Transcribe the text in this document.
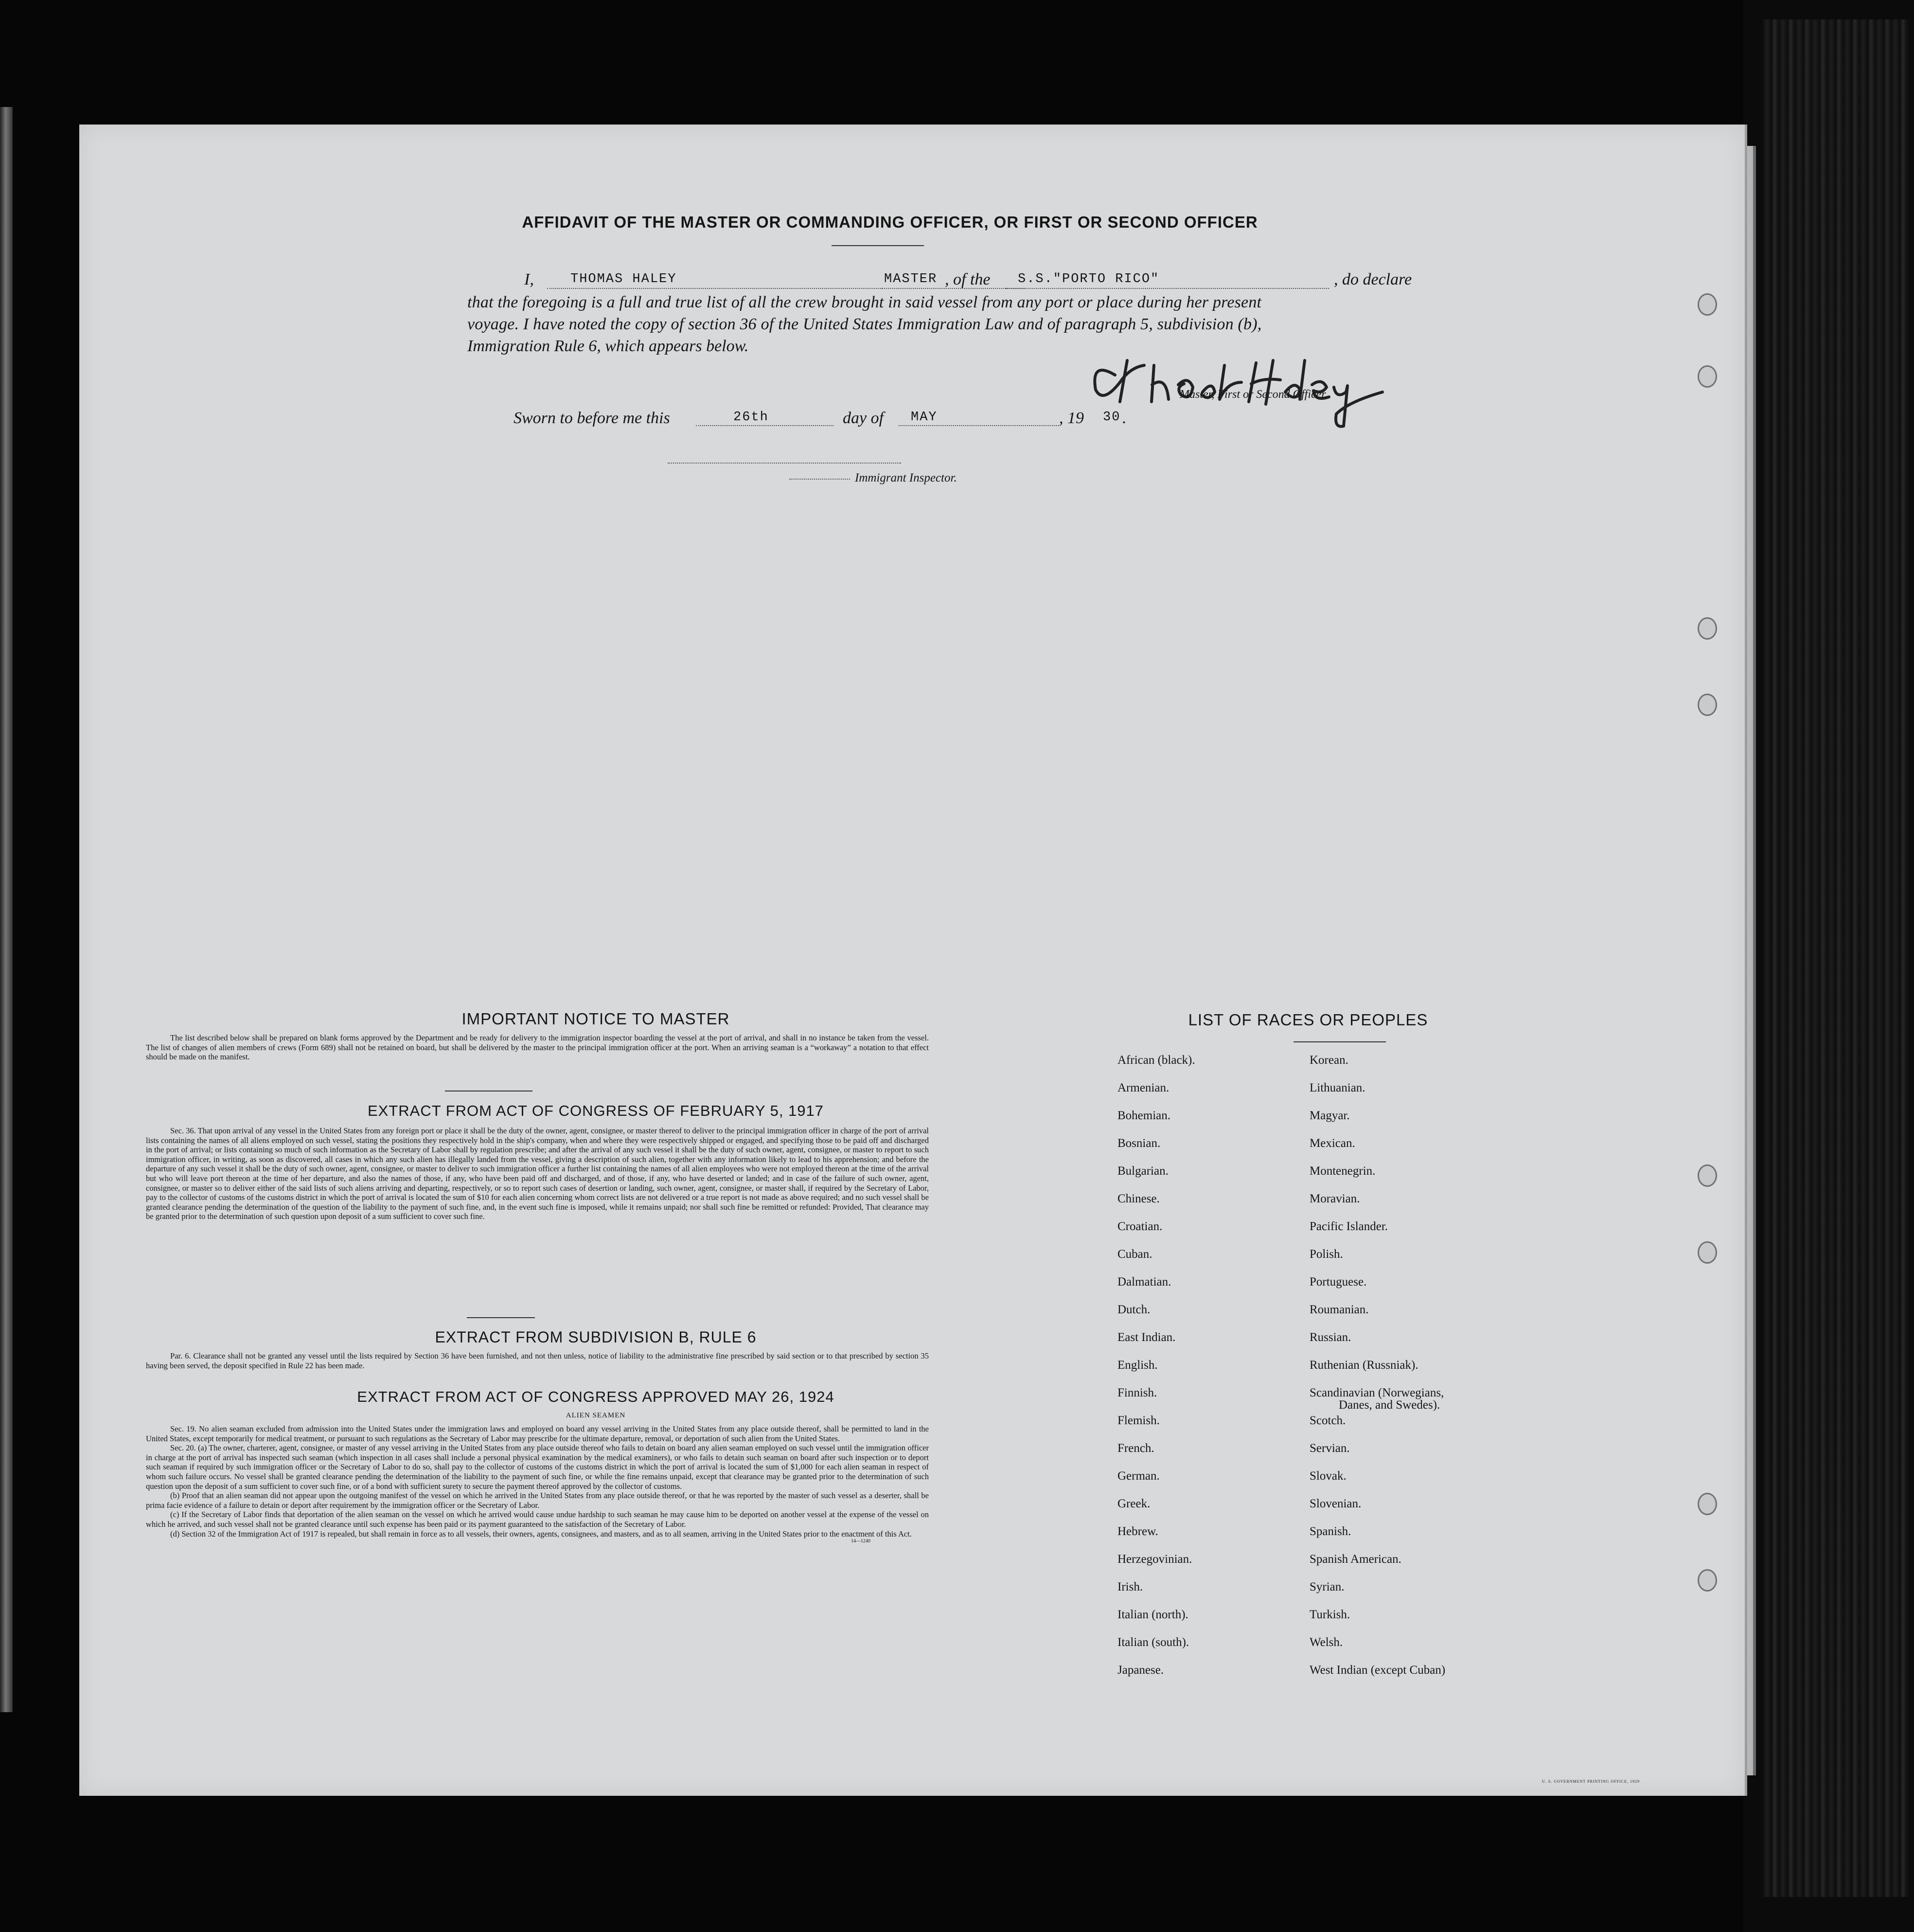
AFFIDAVIT OF THE MASTER OR COMMANDING OFFICER, OR FIRST OR SECOND OFFICER
I,	THOMAS HALEY	MASTER , of the S.S."PORTO RICO"	, do declare
that the foregoing is a full and true list of all the crew brought in said vessel from any port or place during her present
voyage. I have noted the copy of section 36 of the United States Immigration Law and of paragraph 5, subdivision (b),
Immigration Rule 6, which appears below.
Master, First or Second Officer.
Sworn to before me this	26th	day of MAY	, 19 30 .
Immigrant Inspector.
IMPORTANT NOTICE TO MASTER
The list described below shall be prepared on blank forms approved by the Department and be ready for delivery to the immigration inspector boarding the vessel at the port of arrival, and shall in no instance be taken from the vessel. The list of changes of alien members of crews (Form 689) shall not be retained on board, but shall be delivered by the master to the principal immigration officer at the port. When an arriving seaman is a “workaway” a notation to that effect should be made on the manifest.
EXTRACT FROM ACT OF CONGRESS OF FEBRUARY 5, 1917
Sec. 36. That upon arrival of any vessel in the United States from any foreign port or place it shall be the duty of the owner, agent, consignee, or master thereof to deliver to the principal immigration officer in charge of the port of arrival lists containing the names of all aliens employed on such vessel, stating the positions they respectively hold in the ship's company, when and where they were respectively shipped or engaged, and specifying those to be paid off and discharged in the port of arrival; or lists containing so much of such information as the Secretary of Labor shall by regulation prescribe; and after the arrival of any such vessel it shall be the duty of such owner, agent, consignee, or master to report to such immigration officer, in writing, as soon as discovered, all cases in which any such alien has illegally landed from the vessel, giving a description of such alien, together with any information likely to lead to his apprehension; and before the departure of any such vessel it shall be the duty of such owner, agent, consignee, or master to deliver to such immigration officer a further list containing the names of all alien employees who were not employed thereon at the time of the arrival but who will leave port thereon at the time of her departure, and also the names of those, if any, who have been paid off and discharged, and of those, if any, who have deserted or landed; and in case of the failure of such owner, agent, consignee, or master so to deliver either of the said lists of such aliens arriving and departing, respectively, or so to report such cases of desertion or landing, such owner, agent, consignee, or master shall, if required by the Secretary of Labor, pay to the collector of customs of the customs district in which the port of arrival is located the sum of $10 for each alien concerning whom correct lists are not delivered or a true report is not made as above required; and no such vessel shall be granted clearance pending the determination of the question of the liability to the payment of such fine, and, in the event such fine is imposed, while it remains unpaid; nor shall such fine be remitted or refunded: Provided, That clearance may be granted prior to the determination of such question upon deposit of a sum sufficient to cover such fine.
EXTRACT FROM SUBDIVISION B, RULE 6
Par. 6. Clearance shall not be granted any vessel until the lists required by Section 36 have been furnished, and not then unless, notice of liability to the administrative fine prescribed by said section or to that prescribed by section 35 having been served, the deposit specified in Rule 22 has been made.
EXTRACT FROM ACT OF CONGRESS APPROVED MAY 26, 1924
ALIEN SEAMEN
Sec. 19. No alien seaman excluded from admission into the United States under the immigration laws and employed on board any vessel arriving in the United States from any place outside thereof, shall be permitted to land in the United States, except temporarily for medical treatment, or pursuant to such regulations as the Secretary of Labor may prescribe for the ultimate departure, removal, or deportation of such alien from the United States.
Sec. 20. (a) The owner, charterer, agent, consignee, or master of any vessel arriving in the United States from any place outside thereof who fails to detain on board any alien seaman employed on such vessel until the immigration officer in charge at the port of arrival has inspected such seaman (which inspection in all cases shall include a personal physical examination by the medical examiners), or who fails to detain such seaman on board after such inspection or to deport such seaman if required by such immigration officer or the Secretary of Labor to do so, shall pay to the collector of customs of the customs district in which the port of arrival is located the sum of $1,000 for each alien seaman in respect of whom such failure occurs. No vessel shall be granted clearance pending the determination of the liability to the payment of such fine, or while the fine remains unpaid, except that clearance may be granted prior to the determination of such question upon the deposit of a sum sufficient to cover such fine, or of a bond with sufficient surety to secure the payment thereof approved by the collector of customs.
(b) Proof that an alien seaman did not appear upon the outgoing manifest of the vessel on which he arrived in the United States from any place outside thereof, or that he was reported by the master of such vessel as a deserter, shall be prima facie evidence of a failure to detain or deport after requirement by the immigration officer or the Secretary of Labor.
(c) If the Secretary of Labor finds that deportation of the alien seaman on the vessel on which he arrived would cause undue hardship to such seaman he may cause him to be deported on another vessel at the expense of the vessel on which he arrived, and such vessel shall not be granted clearance until such expense has been paid or its payment guaranteed to the satisfaction of the Secretary of Labor.
(d) Section 32 of the Immigration Act of 1917 is repealed, but shall remain in force as to all vessels, their owners, agents, consignees, and masters, and as to all seamen, arriving in the United States prior to the enactment of this Act.
14—1240
LIST OF RACES OR PEOPLES
African (black).
Armenian.
Bohemian.
Bosnian.
Bulgarian.
Chinese.
Croatian.
Cuban.
Dalmatian.
Dutch.
East Indian.
English.
Finnish.
Flemish.
French.
German.
Greek.
Hebrew.
Herzegovinian.
Irish.
Italian (north).
Italian (south).
Japanese.
Korean.
Lithuanian.
Magyar.
Mexican.
Montenegrin.
Moravian.
Pacific Islander.
Polish.
Portuguese.
Roumanian.
Russian.
Ruthenian (Russniak).
Scandinavian (Norwegians,
Danes, and Swedes).
Scotch.
Servian.
Slovak.
Slovenian.
Spanish.
Spanish American.
Syrian.
Turkish.
Welsh.
West Indian (except Cuban)
U. S. GOVERNMENT PRINTING OFFICE, 1929
